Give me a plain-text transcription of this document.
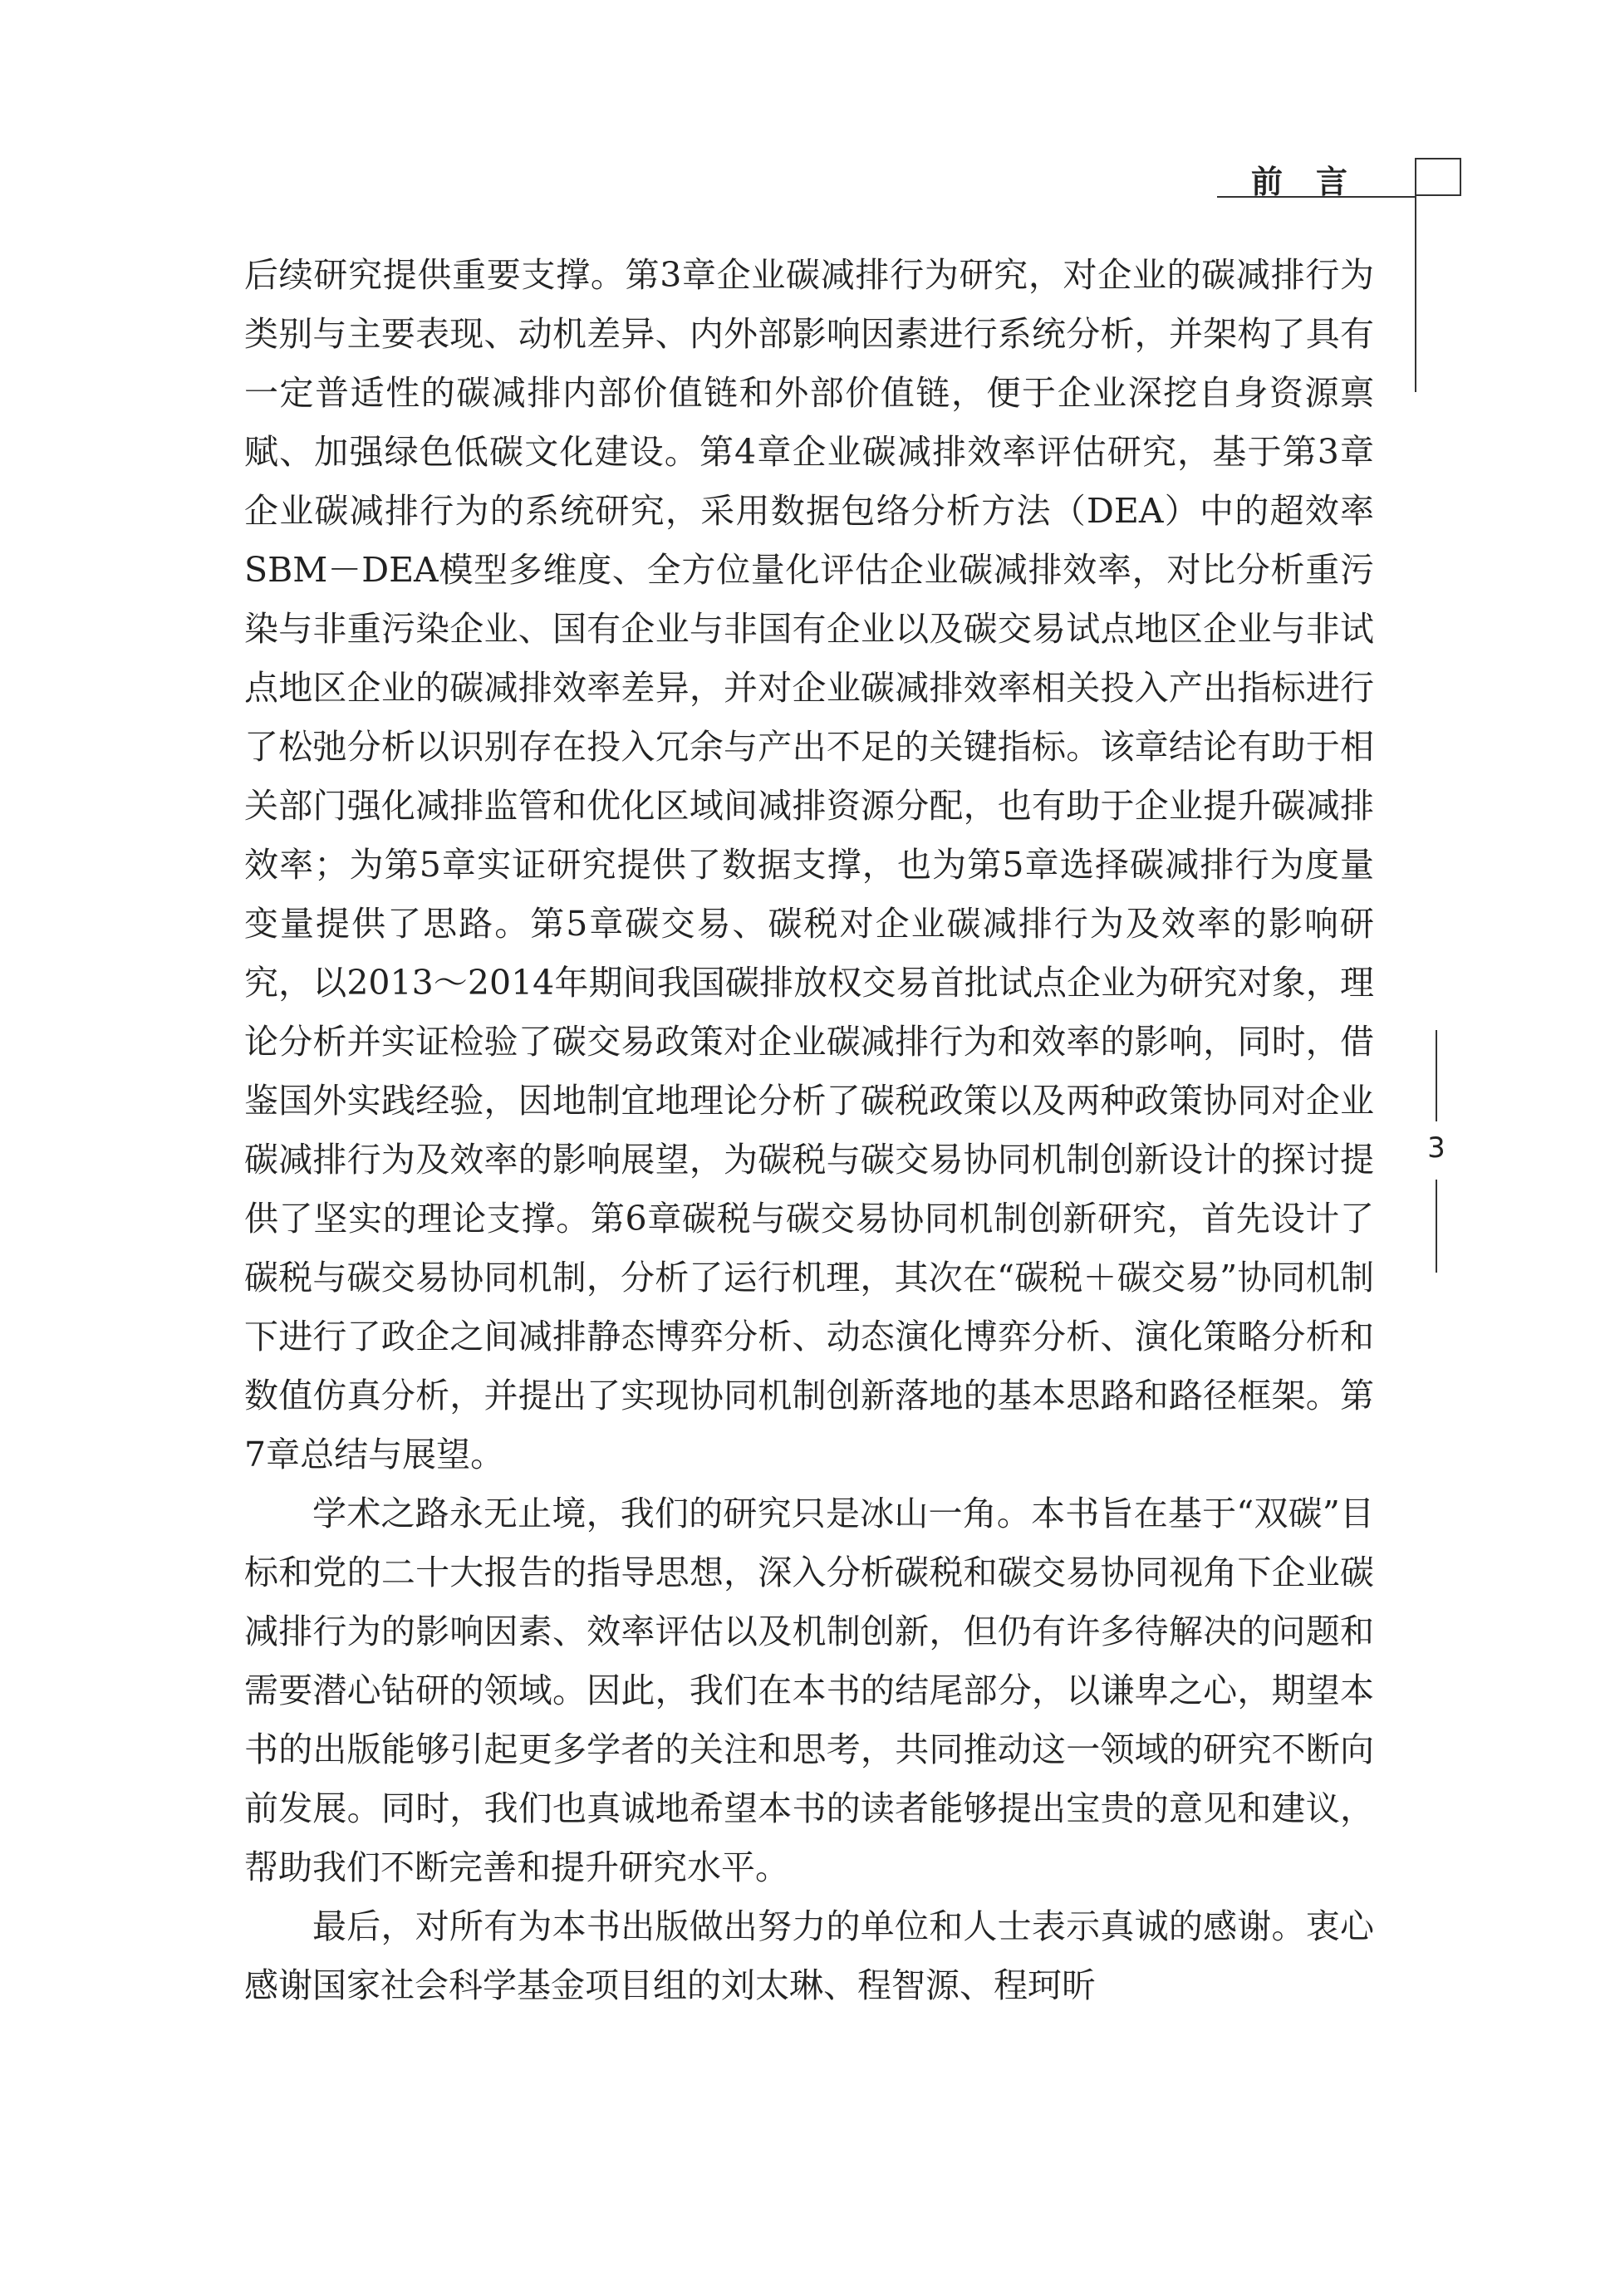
前言
3

后续研究提供重要支撑。第3章企业碳减排行为研究，对企业的碳减排行为类别与主要表现、动机差异、内外部影响因素进行系统分析，并架构了具有一定普适性的碳减排内部价值链和外部价值链，便于企业深挖自身资源禀赋、加强绿色低碳文化建设。第4章企业碳减排效率评估研究，基于第3章企业碳减排行为的系统研究，采用数据包络分析方法（DEA）中的超效率SBM－DEA模型多维度、全方位量化评估企业碳减排效率，对比分析重污染与非重污染企业、国有企业与非国有企业以及碳交易试点地区企业与非试点地区企业的碳减排效率差异，并对企业碳减排效率相关投入产出指标进行了松弛分析以识别存在投入冗余与产出不足的关键指标。该章结论有助于相关部门强化减排监管和优化区域间减排资源分配，也有助于企业提升碳减排效率；为第5章实证研究提供了数据支撑，也为第5章选择碳减排行为度量变量提供了思路。第5章碳交易、碳税对企业碳减排行为及效率的影响研究，以2013～2014年期间我国碳排放权交易首批试点企业为研究对象，理论分析并实证检验了碳交易政策对企业碳减排行为和效率的影响，同时，借鉴国外实践经验，因地制宜地理论分析了碳税政策以及两种政策协同对企业碳减排行为及效率的影响展望，为碳税与碳交易协同机制创新设计的探讨提供了坚实的理论支撑。第6章碳税与碳交易协同机制创新研究，首先设计了碳税与碳交易协同机制，分析了运行机理，其次在“碳税＋碳交易”协同机制下进行了政企之间减排静态博弈分析、动态演化博弈分析、演化策略分析和数值仿真分析，并提出了实现协同机制创新落地的基本思路和路径框架。第7章总结与展望。

学术之路永无止境，我们的研究只是冰山一角。本书旨在基于“双碳”目标和党的二十大报告的指导思想，深入分析碳税和碳交易协同视角下企业碳减排行为的影响因素、效率评估以及机制创新，但仍有许多待解决的问题和需要潜心钻研的领域。因此，我们在本书的结尾部分，以谦卑之心，期望本书的出版能够引起更多学者的关注和思考，共同推动这一领域的研究不断向前发展。同时，我们也真诚地希望本书的读者能够提出宝贵的意见和建议，帮助我们不断完善和提升研究水平。

最后，对所有为本书出版做出努力的单位和人士表示真诚的感谢。衷心感谢国家社会科学基金项目组的刘太琳、程智源、程珂昕
